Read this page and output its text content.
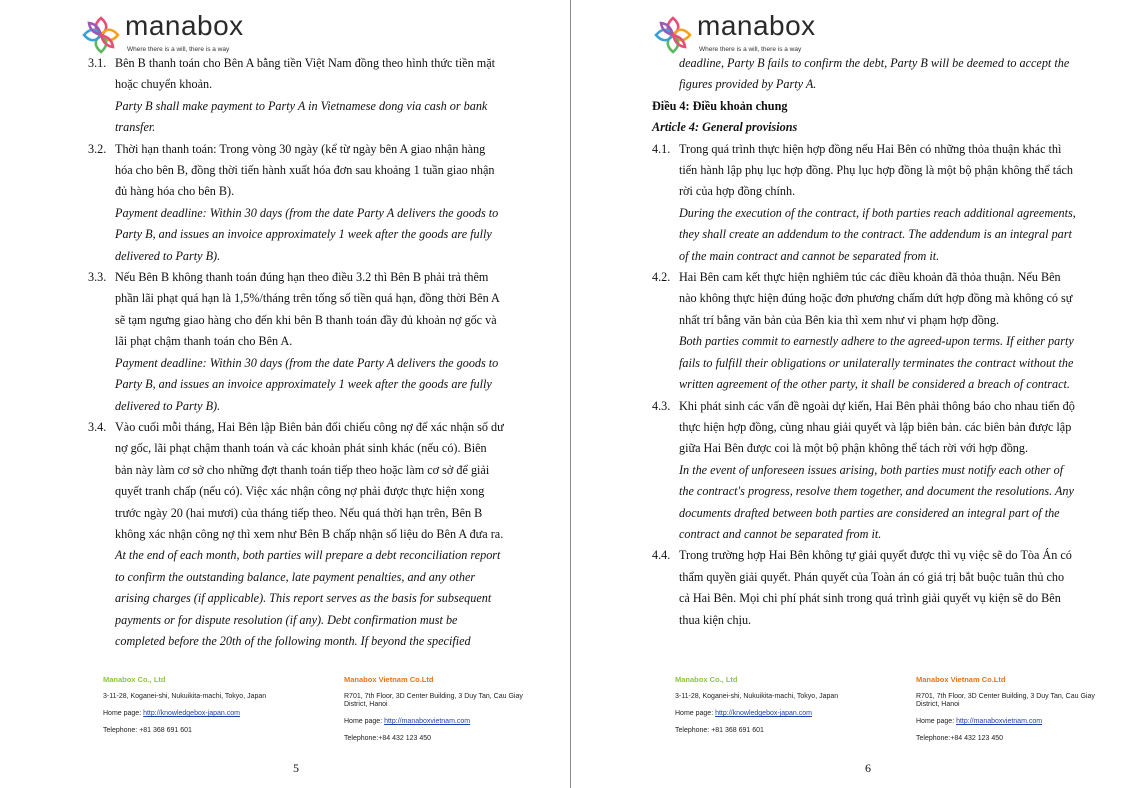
manabox
Where there is a will, there is a way
3.1. Bên B thanh toán cho Bên A bằng tiền Việt Nam đồng theo hình thức tiền mặt
hoặc chuyển khoản.
Party B shall make payment to Party A in Vietnamese dong via cash or bank
transfer.
3.2. Thời hạn thanh toán: Trong vòng 30 ngày (kể từ ngày bên A giao nhận hàng
hóa cho bên B, đồng thời tiến hành xuất hóa đơn sau khoảng 1 tuần giao nhận
đủ hàng hóa cho bên B).
Payment deadline: Within 30 days (from the date Party A delivers the goods to
Party B, and issues an invoice approximately 1 week after the goods are fully
delivered to Party B).
3.3. Nếu Bên B không thanh toán đúng hạn theo điều 3.2 thì Bên B phải trả thêm
phần lãi phạt quá hạn là 1,5%/tháng trên tổng số tiền quá hạn, đồng thời Bên A
sẽ tạm ngưng giao hàng cho đến khi bên B thanh toán đầy đủ khoản nợ gốc và
lãi phạt chậm thanh toán cho Bên A.
Payment deadline: Within 30 days (from the date Party A delivers the goods to
Party B, and issues an invoice approximately 1 week after the goods are fully
delivered to Party B).
3.4. Vào cuối mỗi tháng, Hai Bên lập Biên bản đối chiếu công nợ để xác nhận số dư
nợ gốc, lãi phạt chậm thanh toán và các khoản phát sinh khác (nếu có). Biên
bản này làm cơ sở cho những đợt thanh toán tiếp theo hoặc làm cơ sở để giải
quyết tranh chấp (nếu có). Việc xác nhận công nợ phải được thực hiện xong
trước ngày 20 (hai mươi) của tháng tiếp theo. Nếu quá thời hạn trên, Bên B
không xác nhận công nợ thì xem như Bên B chấp nhận số liệu do Bên A đưa ra.
At the end of each month, both parties will prepare a debt reconciliation report
to confirm the outstanding balance, late payment penalties, and any other
arising charges (if applicable). This report serves as the basis for subsequent
payments or for dispute resolution (if any). Debt confirmation must be
completed before the 20th of the following month. If beyond the specified
Manabox Co., Ltd
3-11-28, Koganei-shi, Nukuikita-machi, Tokyo, Japan
Home page: http://knowledgebox-japan.com
Telephone: +81 368 691 601
Manabox Vietnam Co.Ltd
R701, 7th Floor, 3D Center Building, 3 Duy Tan, Cau Giay District, Hanoi
Home page: http://manaboxvietnam.com
Telephone:+84 432 123 450
5
manabox
Where there is a will, there is a way
deadline, Party B fails to confirm the debt, Party B will be deemed to accept the
figures provided by Party A.
Điều 4: Điều khoản chung
Article 4: General provisions
4.1. Trong quá trình thực hiện hợp đồng nếu Hai Bên có những thỏa thuận khác thì
tiến hành lập phụ lục hợp đồng. Phụ lục hợp đồng là một bộ phận không thể tách
rời của hợp đồng chính.
During the execution of the contract, if both parties reach additional agreements,
they shall create an addendum to the contract. The addendum is an integral part
of the main contract and cannot be separated from it.
4.2. Hai Bên cam kết thực hiện nghiêm túc các điều khoản đã thỏa thuận. Nếu Bên
nào không thực hiện đúng hoặc đơn phương chấm dứt hợp đồng mà không có sự
nhất trí bằng văn bản của Bên kia thì xem như vi phạm hợp đồng.
Both parties commit to earnestly adhere to the agreed-upon terms. If either party
fails to fulfill their obligations or unilaterally terminates the contract without the
written agreement of the other party, it shall be considered a breach of contract.
4.3. Khi phát sinh các vấn đề ngoài dự kiến, Hai Bên phải thông báo cho nhau tiến độ
thực hiện hợp đồng, cùng nhau giải quyết và lập biên bản. các biên bản được lập
giữa Hai Bên được coi là một bộ phận không thể tách rời với hợp đồng.
In the event of unforeseen issues arising, both parties must notify each other of
the contract's progress, resolve them together, and document the resolutions. Any
documents drafted between both parties are considered an integral part of the
contract and cannot be separated from it.
4.4. Trong trường hợp Hai Bên không tự giải quyết được thì vụ việc sẽ do Tòa Án có
thẩm quyền giải quyết. Phán quyết của Toàn án có giá trị bắt buộc tuân thủ cho
cả Hai Bên. Mọi chi phí phát sinh trong quá trình giải quyết vụ kiện sẽ do Bên
thua kiện chịu.
Manabox Co., Ltd
3-11-28, Koganei-shi, Nukuikita-machi, Tokyo, Japan
Home page: http://knowledgebox-japan.com
Telephone: +81 368 691 601
Manabox Vietnam Co.Ltd
R701, 7th Floor, 3D Center Building, 3 Duy Tan, Cau Giay District, Hanoi
Home page: http://manaboxvietnam.com
Telephone:+84 432 123 450
6
